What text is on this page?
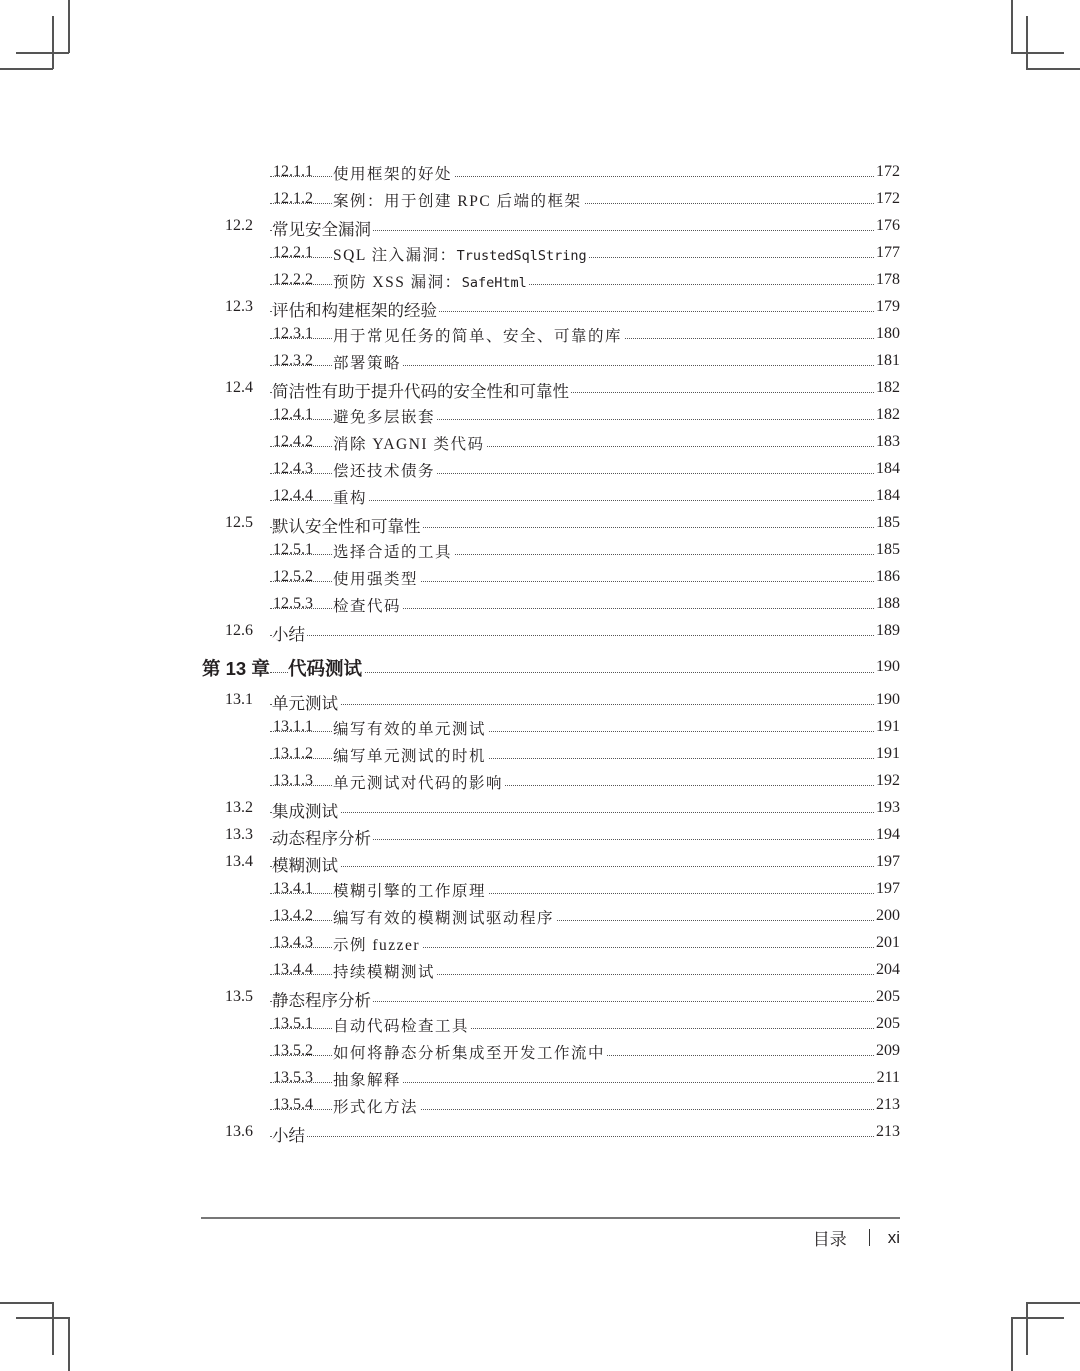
12.1.1 使用框架的好处	172
12.1.2 案例：用于创建 RPC 后端的框架	172
12.2 常见安全漏洞	176
12.2.1 SQL 注入漏洞：TrustedSqlString	177
12.2.2 预防 XSS 漏洞：SafeHtml	178
12.3 评估和构建框架的经验	179
12.3.1 用于常见任务的简单、安全、可靠的库	180
12.3.2 部署策略	181
12.4 简洁性有助于提升代码的安全性和可靠性	182
12.4.1 避免多层嵌套	182
12.4.2 消除 YAGNI 类代码	183
12.4.3 偿还技术债务	184
12.4.4 重构	184
12.5 默认安全性和可靠性	185
12.5.1 选择合适的工具	185
12.5.2 使用强类型	186
12.5.3 检查代码	188
12.6 小结	189
第 13 章 代码测试	190
13.1 单元测试	190
13.1.1 编写有效的单元测试	191
13.1.2 编写单元测试的时机	191
13.1.3 单元测试对代码的影响	192
13.2 集成测试	193
13.3 动态程序分析	194
13.4 模糊测试	197
13.4.1 模糊引擎的工作原理	197
13.4.2 编写有效的模糊测试驱动程序	200
13.4.3 示例 fuzzer	201
13.4.4 持续模糊测试	204
13.5 静态程序分析	205
13.5.1 自动代码检查工具	205
13.5.2 如何将静态分析集成至开发工作流中	209
13.5.3 抽象解释	211
13.5.4 形式化方法	213
13.6 小结	213
目录 xi
